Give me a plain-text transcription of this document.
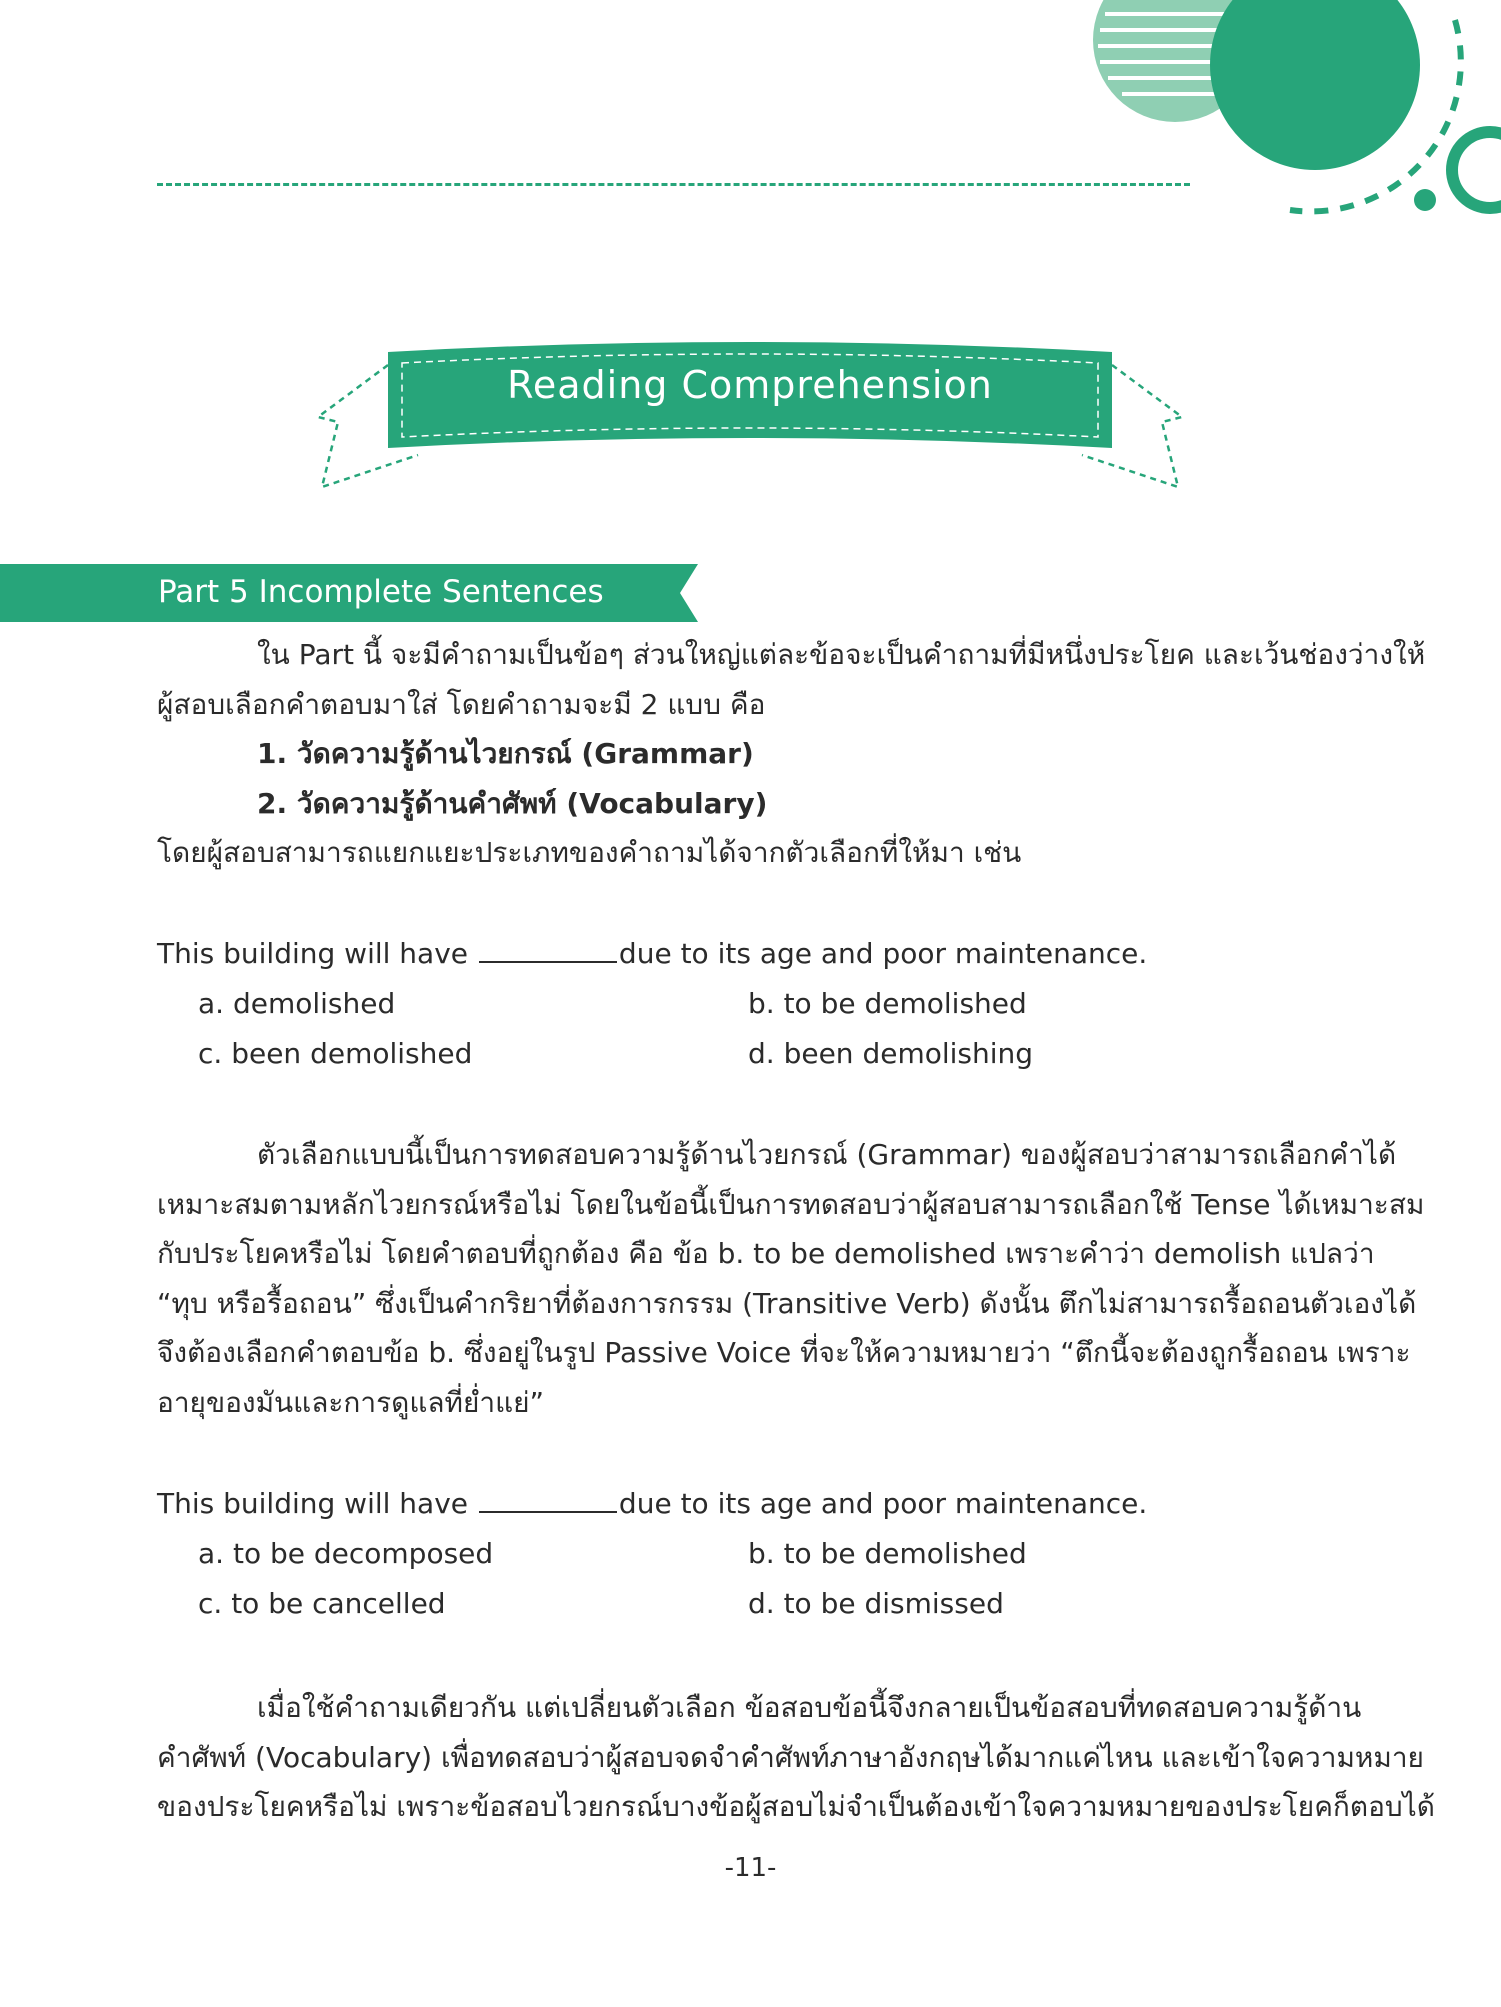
Reading Comprehension
Part 5 Incomplete Sentences
ใน Part นี้ จะมีคำถามเป็นข้อๆ ส่วนใหญ่แต่ละข้อจะเป็นคำถามที่มีหนึ่งประโยค และเว้นช่องว่างให้
ผู้สอบเลือกคำตอบมาใส่ โดยคำถามจะมี 2 แบบ คือ
1. วัดความรู้ด้านไวยกรณ์ (Grammar)
2. วัดความรู้ด้านคำศัพท์ (Vocabulary)
โดยผู้สอบสามารถแยกแยะประเภทของคำถามได้จากตัวเลือกที่ให้มา เช่น
This building will have	due to its age and poor maintenance.
a. demolished	b. to be demolished
c. been demolished	d. been demolishing
ตัวเลือกแบบนี้เป็นการทดสอบความรู้ด้านไวยกรณ์ (Grammar) ของผู้สอบว่าสามารถเลือกคำได้
เหมาะสมตามหลักไวยกรณ์หรือไม่ โดยในข้อนี้เป็นการทดสอบว่าผู้สอบสามารถเลือกใช้ Tense ได้เหมาะสม
กับประโยคหรือไม่ โดยคำตอบที่ถูกต้อง คือ ข้อ b. to be demolished เพราะคำว่า demolish แปลว่า
“ทุบ หรือรื้อถอน” ซึ่งเป็นคำกริยาที่ต้องการกรรม (Transitive Verb) ดังนั้น ตึกไม่สามารถรื้อถอนตัวเองได้
จึงต้องเลือกคำตอบข้อ b. ซึ่งอยู่ในรูป Passive Voice ที่จะให้ความหมายว่า “ตึกนี้จะต้องถูกรื้อถอน เพราะ
อายุของมันและการดูแลที่ย่ำแย่”
This building will have	due to its age and poor maintenance.
a. to be decomposed	b. to be demolished
c. to be cancelled	d. to be dismissed
เมื่อใช้คำถามเดียวกัน แต่เปลี่ยนตัวเลือก ข้อสอบข้อนี้จึงกลายเป็นข้อสอบที่ทดสอบความรู้ด้าน
คำศัพท์ (Vocabulary) เพื่อทดสอบว่าผู้สอบจดจำคำศัพท์ภาษาอังกฤษได้มากแค่ไหน และเข้าใจความหมาย
ของประโยคหรือไม่ เพราะข้อสอบไวยกรณ์บางข้อผู้สอบไม่จำเป็นต้องเข้าใจความหมายของประโยคก็ตอบได้
-11-
